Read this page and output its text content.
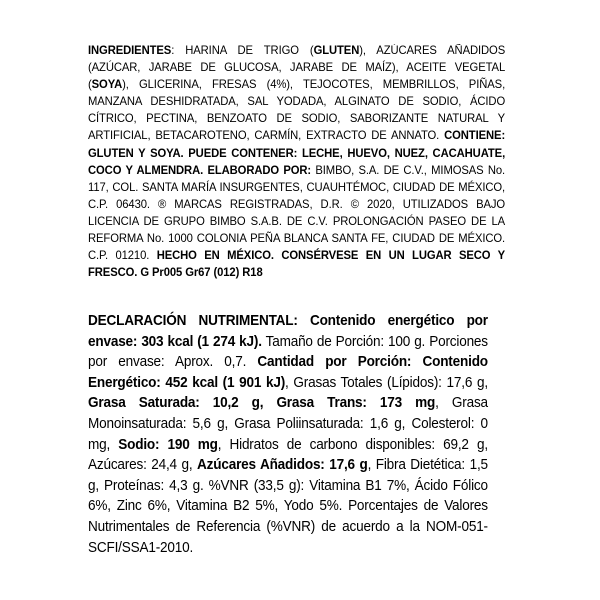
INGREDIENTES: HARINA DE TRIGO (GLUTEN), AZÚCARES AÑADIDOS (AZÚCAR, JARABE DE GLUCOSA, JARABE DE MAÍZ), ACEITE VEGETAL (SOYA), GLICERINA, FRESAS (4%), TEJOCOTES, MEMBRILLOS, PIÑAS, MANZANA DESHIDRATADA, SAL YODADA, ALGINATO DE SODIO, ÁCIDO CÍTRICO, PECTINA, BENZOATO DE SODIO, SABORIZANTE NATURAL Y ARTIFICIAL, BETACAROTENO, CARMÍN, EXTRACTO DE ANNATO. CONTIENE: GLUTEN Y SOYA. PUEDE CONTENER: LECHE, HUEVO, NUEZ, CACAHUATE, COCO Y ALMENDRA. ELABORADO POR: BIMBO, S.A. DE C.V., MIMOSAS No. 117, COL. SANTA MARÍA INSURGENTES, CUAUHTÉMOC, CIUDAD DE MÉXICO, C.P. 06430. ® MARCAS REGISTRADAS, D.R. © 2020, UTILIZADOS BAJO LICENCIA DE GRUPO BIMBO S.A.B. DE C.V. PROLONGACIÓN PASEO DE LA REFORMA No. 1000 COLONIA PEÑA BLANCA SANTA FE, CIUDAD DE MÉXICO. C.P. 01210. HECHO EN MÉXICO. CONSÉRVESE EN UN LUGAR SECO Y FRESCO. G Pr005 Gr67 (012) R18
DECLARACIÓN NUTRIMENTAL: Contenido energético por envase: 303 kcal (1 274 kJ). Tamaño de Porción: 100 g. Porciones por envase: Aprox. 0,7. Cantidad por Porción: Contenido Energético: 452 kcal (1 901 kJ), Grasas Totales (Lípidos): 17,6 g, Grasa Saturada: 10,2 g, Grasa Trans: 173 mg, Grasa Monoinsaturada: 5,6 g, Grasa Poliinsaturada: 1,6 g, Colesterol: 0 mg, Sodio: 190 mg, Hidratos de carbono disponibles: 69,2 g, Azúcares: 24,4 g, Azúcares Añadidos: 17,6 g, Fibra Dietética: 1,5 g, Proteínas: 4,3 g. %VNR (33,5 g): Vitamina B1 7%, Ácido Fólico 6%, Zinc 6%, Vitamina B2 5%, Yodo 5%. Porcentajes de Valores Nutrimentales de Referencia (%VNR) de acuerdo a la NOM-051-SCFI/SSA1-2010.
